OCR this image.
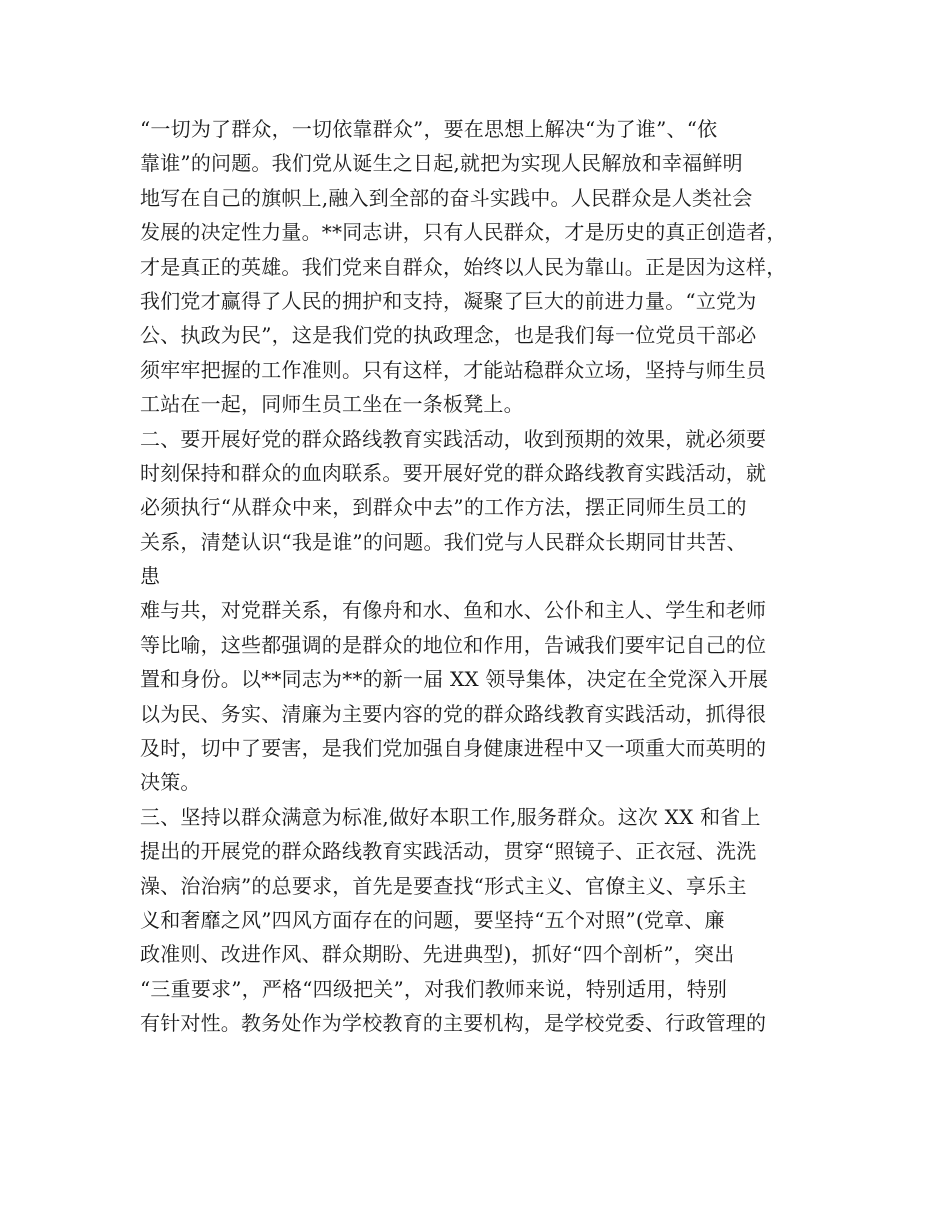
“一切为了群众，一切依靠群众”，要在思想上解决“为了谁”、“依
靠谁”的问题。我们党从诞生之日起,就把为实现人民解放和幸福鲜明
地写在自己的旗帜上,融入到全部的奋斗实践中。人民群众是人类社会
发展的决定性力量。**同志讲，只有人民群众，才是历史的真正创造者，
才是真正的英雄。我们党来自群众，始终以人民为靠山。正是因为这样，
我们党才赢得了人民的拥护和支持，凝聚了巨大的前进力量。“立党为
公、执政为民”，这是我们党的执政理念，也是我们每一位党员干部必
须牢牢把握的工作准则。只有这样，才能站稳群众立场，坚持与师生员
工站在一起，同师生员工坐在一条板凳上。
二、要开展好党的群众路线教育实践活动，收到预期的效果，就必须要
时刻保持和群众的血肉联系。要开展好党的群众路线教育实践活动，就
必须执行“从群众中来，到群众中去”的工作方法，摆正同师生员工的
关系，清楚认识“我是谁”的问题。我们党与人民群众长期同甘共苦、
患
难与共，对党群关系，有像舟和水、鱼和水、公仆和主人、学生和老师
等比喻，这些都强调的是群众的地位和作用，告诫我们要牢记自己的位
置和身份。以**同志为**的新一届 XX 领导集体，决定在全党深入开展
以为民、务实、清廉为主要内容的党的群众路线教育实践活动，抓得很
及时，切中了要害，是我们党加强自身健康进程中又一项重大而英明的
决策。
三、坚持以群众满意为标准,做好本职工作,服务群众。这次 XX 和省上
提出的开展党的群众路线教育实践活动，贯穿“照镜子、正衣冠、洗洗
澡、治治病”的总要求，首先是要查找“形式主义、官僚主义、享乐主
义和奢靡之风”四风方面存在的问题，要坚持“五个对照”(党章、廉
政准则、改进作风、群众期盼、先进典型)，抓好“四个剖析”，突出
“三重要求”，严格“四级把关”，对我们教师来说，特别适用，特别
有针对性。教务处作为学校教育的主要机构，是学校党委、行政管理的
